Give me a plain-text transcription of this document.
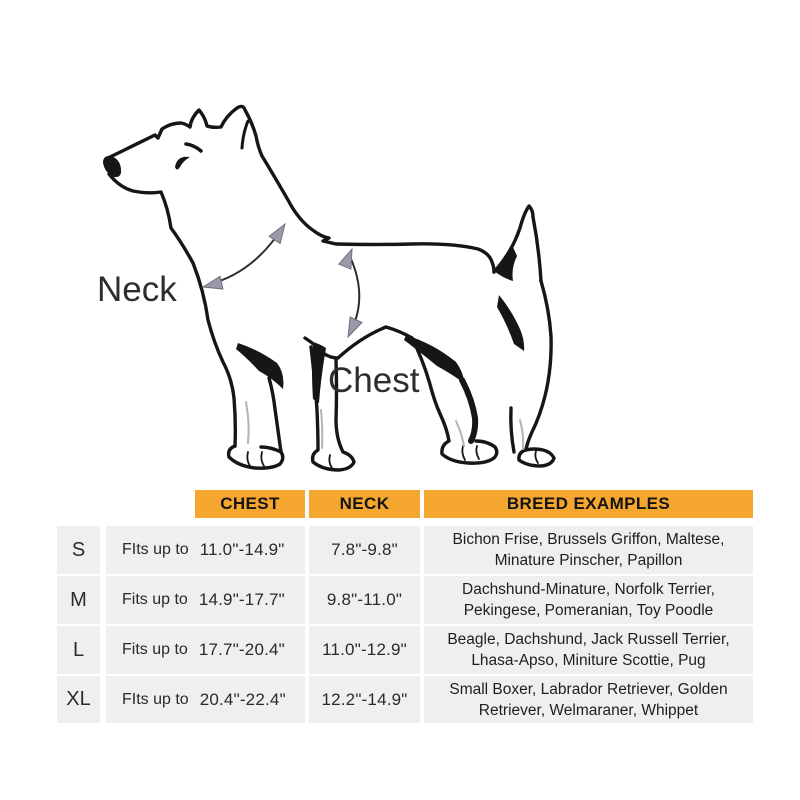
Neck
Chest
CHEST	NECK	BREED EXAMPLES
S	FIts up to 11.0"-14.9"	7.8"-9.8"
Bichon Frise, Brussels Griffon, Maltese,
Minature Pinscher, Papillon
M	Fits up to 14.9"-17.7"	9.8"-11.0"
Dachshund-Minature, Norfolk Terrier,
Pekingese, Pomeranian, Toy Poodle
L	Fits up to 17.7"-20.4"	11.0"-12.9"
Beagle, Dachshund, Jack Russell Terrier,
Lhasa-Apso, Miniture Scottie, Pug
XL	FIts up to 20.4"-22.4"	12.2"-14.9"
Small Boxer, Labrador Retriever, Golden
Retriever, Welmaraner, Whippet
